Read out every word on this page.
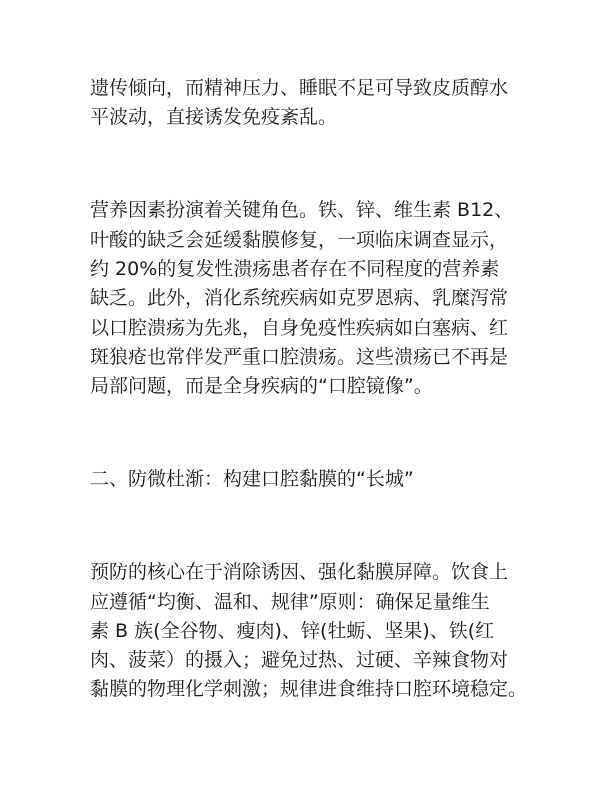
遗传倾向，而精神压力、睡眠不足可导致皮质醇水
平波动，直接诱发免疫紊乱。
营养因素扮演着关键角色。铁、锌、维生素 B12、
叶酸的缺乏会延缓黏膜修复，一项临床调查显示，
约 20%的复发性溃疡患者存在不同程度的营养素
缺乏。此外，消化系统疾病如克罗恩病、乳糜泻常
以口腔溃疡为先兆，自身免疫性疾病如白塞病、红
斑狼疮也常伴发严重口腔溃疡。这些溃疡已不再是
局部问题，而是全身疾病的“口腔镜像”。
二、防微杜渐：构建口腔黏膜的“长城”
预防的核心在于消除诱因、强化黏膜屏障。饮食上
应遵循“均衡、温和、规律”原则：确保足量维生
素 B 族(全谷物、瘦肉)、锌(牡蛎、坚果)、铁(红
肉、菠菜）的摄入；避免过热、过硬、辛辣食物对
黏膜的物理化学刺激；规律进食维持口腔环境稳定。
